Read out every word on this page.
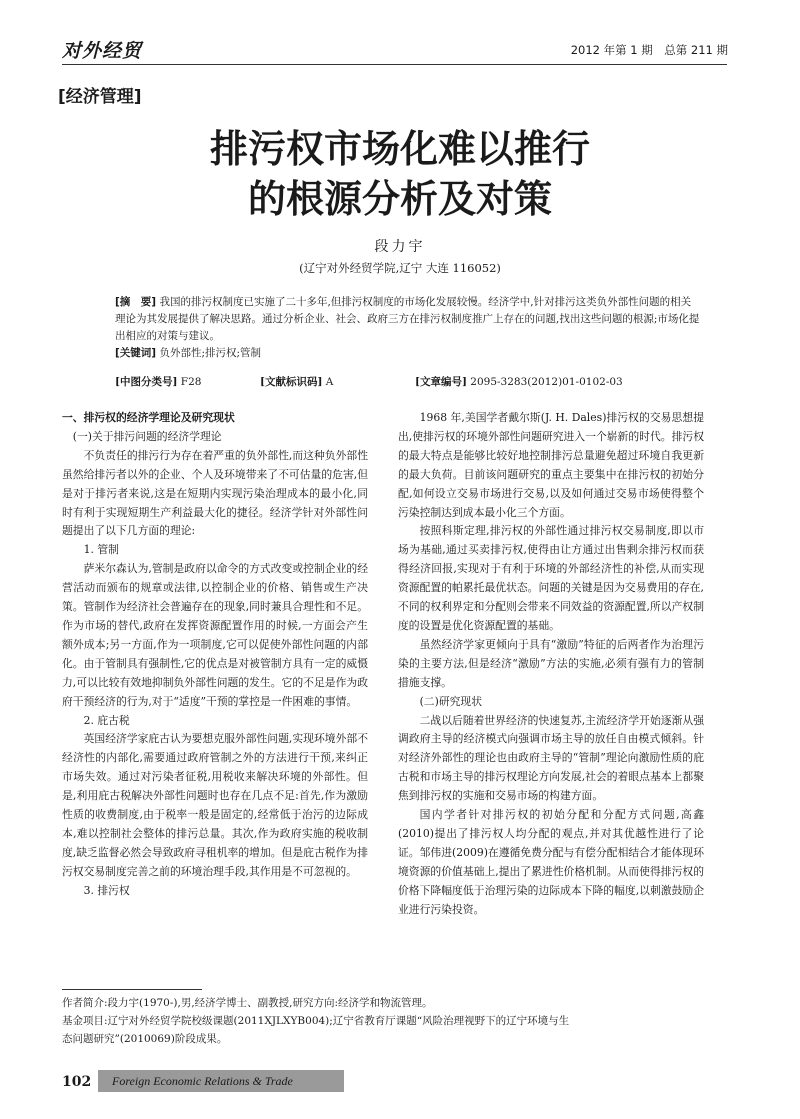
对外经贸	2012 年第 1 期　总第 211 期
[经济管理]
排污权市场化难以推行
的根源分析及对策
段力宇
(辽宁对外经贸学院,辽宁 大连 116052)

[摘　要] 我国的排污权制度已实施了二十多年,但排污权制度的市场化发展较慢。经济学中,针对排污这类负外部性问题的相关理论为其发展提供了解决思路。通过分析企业、社会、政府三方在排污权制度推广上存在的问题,找出这些问题的根源;市场化提出相应的对策与建议。

[关键词] 负外部性;排污权;管制

[中图分类号] F28	[文献标识码] A	[文章编号] 2095-3283(2012)01-0102-03

一、排污权的经济学理论及研究现状

(一)关于排污问题的经济学理论

不负责任的排污行为存在着严重的负外部性,而这种负外部性虽然给排污者以外的企业、个人及环境带来了不可估量的危害,但是对于排污者来说,这是在短期内实现污染治理成本的最小化,同时有利于实现短期生产利益最大化的捷径。经济学针对外部性问题提出了以下几方面的理论:

1. 管制

萨米尔森认为,管制是政府以命令的方式改变或控制企业的经营活动而颁布的规章或法律,以控制企业的价格、销售或生产决策。管制作为经济社会普遍存在的现象,同时兼具合理性和不足。作为市场的替代,政府在发挥资源配置作用的时候,一方面会产生额外成本;另一方面,作为一项制度,它可以促使外部性问题的内部化。由于管制具有强制性,它的优点是对被管制方具有一定的威慑力,可以比较有效地抑制负外部性问题的发生。它的不足是作为政府干预经济的行为,对于“适度”干预的掌控是一件困难的事情。

2. 庇古税

英国经济学家庇古认为要想克服外部性问题,实现环境外部不经济性的内部化,需要通过政府管制之外的方法进行干预,来纠正市场失效。通过对污染者征税,用税收来解决环境的外部性。但是,利用庇古税解决外部性问题时也存在几点不足:首先,作为激励性质的收费制度,由于税率一般是固定的,经常低于治污的边际成本,难以控制社会整体的排污总量。其次,作为政府实施的税收制度,缺乏监督必然会导致政府寻租机率的增加。但是庇古税作为排污权交易制度完善之前的环境治理手段,其作用是不可忽视的。

3. 排污权

1968 年,美国学者戴尔斯(J. H. Dales)排污权的交易思想提出,使排污权的环境外部性问题研究进入一个崭新的时代。排污权的最大特点是能够比较好地控制排污总量避免超过环境自我更新的最大负荷。目前该问题研究的重点主要集中在排污权的初始分配,如何设立交易市场进行交易,以及如何通过交易市场使得整个污染控制达到成本最小化三个方面。

按照科斯定理,排污权的外部性通过排污权交易制度,即以市场为基础,通过买卖排污权,使得由让方通过出售剩余排污权而获得经济回报,实现对于有利于环境的外部经济性的补偿,从而实现资源配置的帕累托最优状态。问题的关键是因为交易费用的存在,不同的权利界定和分配则会带来不同效益的资源配置,所以产权制度的设置是优化资源配置的基础。

虽然经济学家更倾向于具有“激励”特征的后两者作为治理污染的主要方法,但是经济“激励”方法的实施,必须有强有力的管制措施支撑。

(二)研究现状

二战以后随着世界经济的快速复苏,主流经济学开始逐渐从强调政府主导的经济模式向强调市场主导的放任自由模式倾斜。针对经济外部性的理论也由政府主导的“管制”理论向激励性质的庇古税和市场主导的排污权理论方向发展,社会的着眼点基本上都聚焦到排污权的实施和交易市场的构建方面。

国内学者针对排污权的初始分配和分配方式问题,高鑫(2010)提出了排污权人均分配的观点,并对其优越性进行了论证。邹伟进(2009)在遵循免费分配与有偿分配相结合才能体现环境资源的价值基础上,提出了累进性价格机制。从而使得排污权的价格下降幅度低于治理污染的边际成本下降的幅度,以刺激鼓励企业进行污染投资。

作者简介:段力宇(1970-),男,经济学博士、副教授,研究方向:经济学和物流管理。

基金项目:辽宁对外经贸学院校级课题(2011XJLXYB004);辽宁省教育厅课题“风险治理视野下的辽宁环境与生

态问题研究”(2010069)阶段成果。

102	Foreign Economic Relations & Trade
